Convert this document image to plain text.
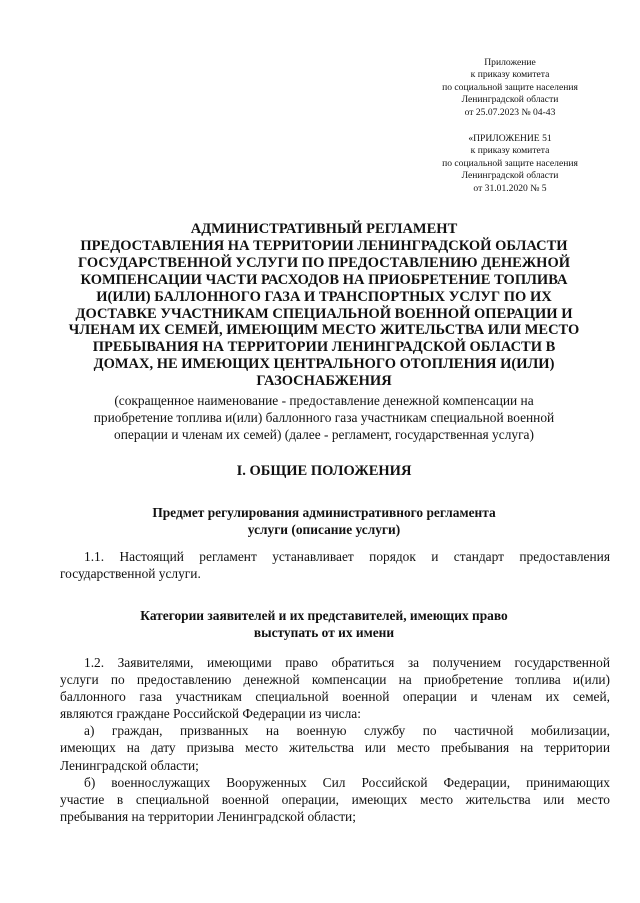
Приложение
к приказу комитета
по социальной защите населения
Ленинградской области
от 25.07.2023 № 04-43
«ПРИЛОЖЕНИЕ 51
к приказу комитета
по социальной защите населения
Ленинградской области
от 31.01.2020 № 5
АДМИНИСТРАТИВНЫЙ РЕГЛАМЕНТ
ПРЕДОСТАВЛЕНИЯ НА ТЕРРИТОРИИ ЛЕНИНГРАДСКОЙ ОБЛАСТИ
ГОСУДАРСТВЕННОЙ УСЛУГИ ПО ПРЕДОСТАВЛЕНИЮ ДЕНЕЖНОЙ
КОМПЕНСАЦИИ ЧАСТИ РАСХОДОВ НА ПРИОБРЕТЕНИЕ ТОПЛИВА
И(ИЛИ) БАЛЛОННОГО ГАЗА И ТРАНСПОРТНЫХ УСЛУГ ПО ИХ
ДОСТАВКЕ УЧАСТНИКАМ СПЕЦИАЛЬНОЙ ВОЕННОЙ ОПЕРАЦИИ И
ЧЛЕНАМ ИХ СЕМЕЙ, ИМЕЮЩИМ МЕСТО ЖИТЕЛЬСТВА ИЛИ МЕСТО
ПРЕБЫВАНИЯ НА ТЕРРИТОРИИ ЛЕНИНГРАДСКОЙ ОБЛАСТИ В
ДОМАХ, НЕ ИМЕЮЩИХ ЦЕНТРАЛЬНОГО ОТОПЛЕНИЯ И(ИЛИ)
ГАЗОСНАБЖЕНИЯ
(сокращенное наименование - предоставление денежной компенсации на
приобретение топлива и(или) баллонного газа участникам специальной военной
операции и членам их семей) (далее - регламент, государственная услуга)
I. ОБЩИЕ ПОЛОЖЕНИЯ
Предмет регулирования административного регламента
услуги (описание услуги)
1.1. Настоящий регламент устанавливает порядок и стандарт предоставления
государственной услуги.
Категории заявителей и их представителей, имеющих право
выступать от их имени
1.2. Заявителями, имеющими право обратиться за получением государственной
услуги по предоставлению денежной компенсации на приобретение топлива и(или)
баллонного газа участникам специальной военной операции и членам их семей,
являются граждане Российской Федерации из числа:
а) граждан, призванных на военную службу по частичной мобилизации,
имеющих на дату призыва место жительства или место пребывания на территории
Ленинградской области;
б) военнослужащих Вооруженных Сил Российской Федерации, принимающих
участие в специальной военной операции, имеющих место жительства или место
пребывания на территории Ленинградской области;
